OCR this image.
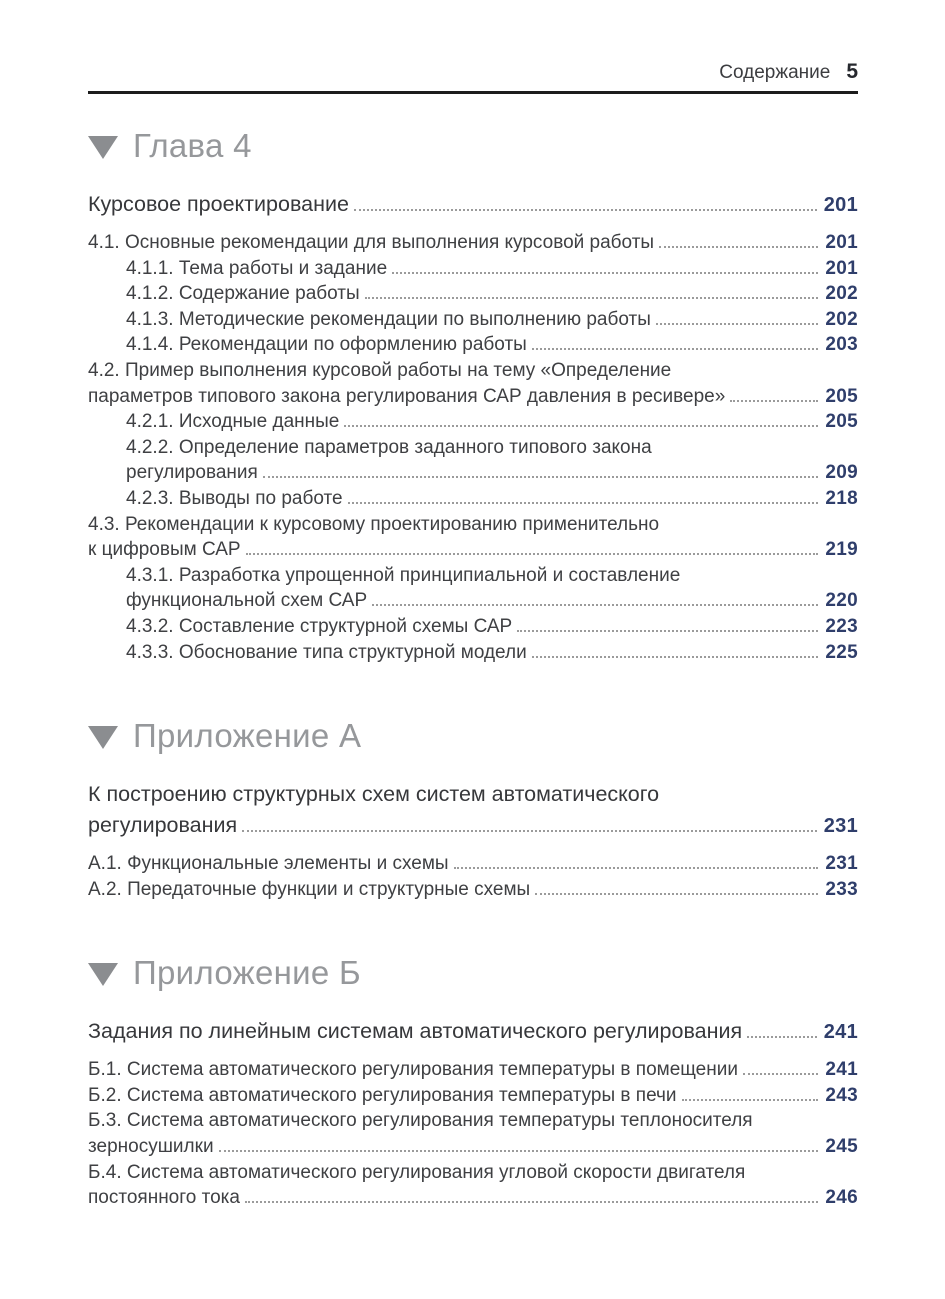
Содержание 5
Глава 4
Курсовое проектирование	201
4.1. Основные рекомендации для выполнения курсовой работы	201
4.1.1. Тема работы и задание	201
4.1.2. Содержание работы	202
4.1.3. Методические рекомендации по выполнению работы	202
4.1.4. Рекомендации по оформлению работы	203
4.2. Пример выполнения курсовой работы на тему «Определение
параметров типового закона регулирования САР давления в ресивере»	205
4.2.1. Исходные данные	205
4.2.2. Определение параметров заданного типового закона
регулирования	209
4.2.3. Выводы по работе	218
4.3. Рекомендации к курсовому проектированию применительно
к цифровым САР	219
4.3.1. Разработка упрощенной принципиальной и составление
функциональной схем САР	220
4.3.2. Составление структурной схемы САР	223
4.3.3. Обоснование типа структурной модели	225
Приложение А
К построению структурных схем систем автоматического
регулирования	231
А.1. Функциональные элементы и схемы	231
А.2. Передаточные функции и структурные схемы	233
Приложение Б
Задания по линейным системам автоматического регулирования	241
Б.1. Система автоматического регулирования температуры в помещении	241
Б.2. Система автоматического регулирования температуры в печи	243
Б.3. Система автоматического регулирования температуры теплоносителя
зерносушилки	245
Б.4. Система автоматического регулирования угловой скорости двигателя
постоянного тока	246
